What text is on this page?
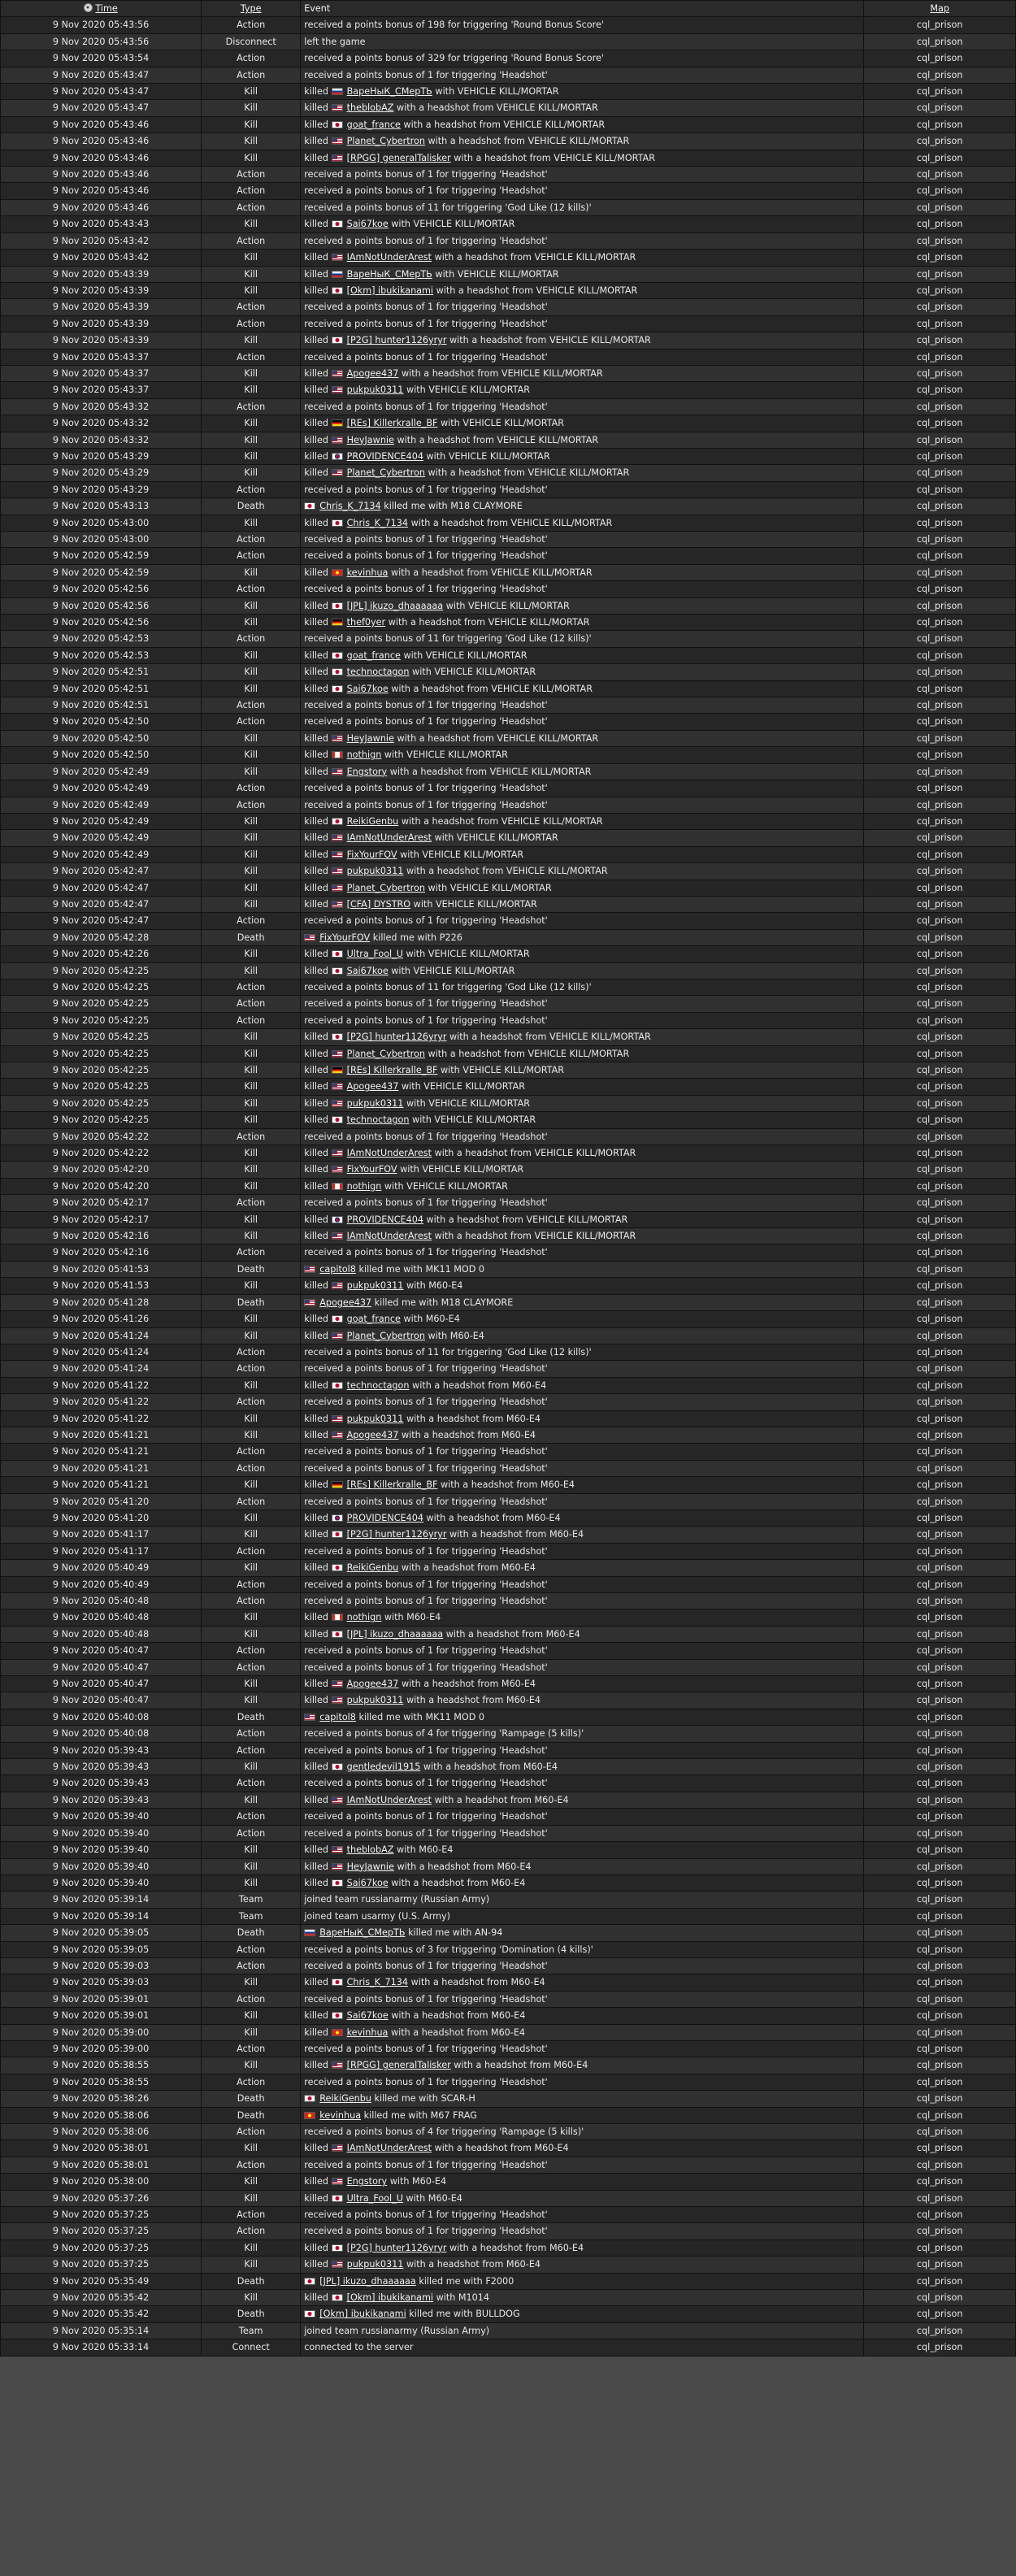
Time	Type	Event	Map
9 Nov 2020 05:43:56	Action	received a points bonus of 198 for triggering 'Round Bonus Score'	cql_prison
9 Nov 2020 05:43:56	Disconnect	left the game	cql_prison
9 Nov 2020 05:43:54	Action	received a points bonus of 329 for triggering 'Round Bonus Score'	cql_prison
9 Nov 2020 05:43:47	Action	received a points bonus of 1 for triggering 'Headshot'	cql_prison
9 Nov 2020 05:43:47	Kill	killed ВареНыК_СМерТЬ with VEHICLE KILL/MORTAR	cql_prison
9 Nov 2020 05:43:47	Kill	killed theblobAZ with a headshot from VEHICLE KILL/MORTAR	cql_prison
9 Nov 2020 05:43:46	Kill	killed goat_france with a headshot from VEHICLE KILL/MORTAR	cql_prison
9 Nov 2020 05:43:46	Kill	killed Planet_Cybertron with a headshot from VEHICLE KILL/MORTAR	cql_prison
9 Nov 2020 05:43:46	Kill	killed [RPGG] generalTalisker with a headshot from VEHICLE KILL/MORTAR	cql_prison
9 Nov 2020 05:43:46	Action	received a points bonus of 1 for triggering 'Headshot'	cql_prison
9 Nov 2020 05:43:46	Action	received a points bonus of 1 for triggering 'Headshot'	cql_prison
9 Nov 2020 05:43:46	Action	received a points bonus of 11 for triggering 'God Like (12 kills)'	cql_prison
9 Nov 2020 05:43:43	Kill	killed Sai67koe with VEHICLE KILL/MORTAR	cql_prison
9 Nov 2020 05:43:42	Action	received a points bonus of 1 for triggering 'Headshot'	cql_prison
9 Nov 2020 05:43:42	Kill	killed IAmNotUnderArest with a headshot from VEHICLE KILL/MORTAR	cql_prison
9 Nov 2020 05:43:39	Kill	killed ВареНыК_СМерТЬ with VEHICLE KILL/MORTAR	cql_prison
9 Nov 2020 05:43:39	Kill	killed [Okm] ibukikanami with a headshot from VEHICLE KILL/MORTAR	cql_prison
9 Nov 2020 05:43:39	Action	received a points bonus of 1 for triggering 'Headshot'	cql_prison
9 Nov 2020 05:43:39	Action	received a points bonus of 1 for triggering 'Headshot'	cql_prison
9 Nov 2020 05:43:39	Kill	killed [P2G] hunter1126yryr with a headshot from VEHICLE KILL/MORTAR	cql_prison
9 Nov 2020 05:43:37	Action	received a points bonus of 1 for triggering 'Headshot'	cql_prison
9 Nov 2020 05:43:37	Kill	killed Apogee437 with a headshot from VEHICLE KILL/MORTAR	cql_prison
9 Nov 2020 05:43:37	Kill	killed pukpuk0311 with VEHICLE KILL/MORTAR	cql_prison
9 Nov 2020 05:43:32	Action	received a points bonus of 1 for triggering 'Headshot'	cql_prison
9 Nov 2020 05:43:32	Kill	killed [REs] Killerkralle_BF with VEHICLE KILL/MORTAR	cql_prison
9 Nov 2020 05:43:32	Kill	killed HeyJawnie with a headshot from VEHICLE KILL/MORTAR	cql_prison
9 Nov 2020 05:43:29	Kill	killed PROVIDENCE404 with VEHICLE KILL/MORTAR	cql_prison
9 Nov 2020 05:43:29	Kill	killed Planet_Cybertron with a headshot from VEHICLE KILL/MORTAR	cql_prison
9 Nov 2020 05:43:29	Action	received a points bonus of 1 for triggering 'Headshot'	cql_prison
9 Nov 2020 05:43:13	Death	Chris_K_7134 killed me with M18 CLAYMORE	cql_prison
9 Nov 2020 05:43:00	Kill	killed Chris_K_7134 with a headshot from VEHICLE KILL/MORTAR	cql_prison
9 Nov 2020 05:43:00	Action	received a points bonus of 1 for triggering 'Headshot'	cql_prison
9 Nov 2020 05:42:59	Action	received a points bonus of 1 for triggering 'Headshot'	cql_prison
9 Nov 2020 05:42:59	Kill	killed kevinhua with a headshot from VEHICLE KILL/MORTAR	cql_prison
9 Nov 2020 05:42:56	Action	received a points bonus of 1 for triggering 'Headshot'	cql_prison
9 Nov 2020 05:42:56	Kill	killed [JPL] ikuzo_dhaaaaaa with VEHICLE KILL/MORTAR	cql_prison
9 Nov 2020 05:42:56	Kill	killed thef0yer with a headshot from VEHICLE KILL/MORTAR	cql_prison
9 Nov 2020 05:42:53	Action	received a points bonus of 11 for triggering 'God Like (12 kills)'	cql_prison
9 Nov 2020 05:42:53	Kill	killed goat_france with VEHICLE KILL/MORTAR	cql_prison
9 Nov 2020 05:42:51	Kill	killed technoctagon with VEHICLE KILL/MORTAR	cql_prison
9 Nov 2020 05:42:51	Kill	killed Sai67koe with a headshot from VEHICLE KILL/MORTAR	cql_prison
9 Nov 2020 05:42:51	Action	received a points bonus of 1 for triggering 'Headshot'	cql_prison
9 Nov 2020 05:42:50	Action	received a points bonus of 1 for triggering 'Headshot'	cql_prison
9 Nov 2020 05:42:50	Kill	killed HeyJawnie with a headshot from VEHICLE KILL/MORTAR	cql_prison
9 Nov 2020 05:42:50	Kill	killed nothign with VEHICLE KILL/MORTAR	cql_prison
9 Nov 2020 05:42:49	Kill	killed Engstory with a headshot from VEHICLE KILL/MORTAR	cql_prison
9 Nov 2020 05:42:49	Action	received a points bonus of 1 for triggering 'Headshot'	cql_prison
9 Nov 2020 05:42:49	Action	received a points bonus of 1 for triggering 'Headshot'	cql_prison
9 Nov 2020 05:42:49	Kill	killed ReikiGenbu with a headshot from VEHICLE KILL/MORTAR	cql_prison
9 Nov 2020 05:42:49	Kill	killed IAmNotUnderArest with VEHICLE KILL/MORTAR	cql_prison
9 Nov 2020 05:42:49	Kill	killed FixYourFOV with VEHICLE KILL/MORTAR	cql_prison
9 Nov 2020 05:42:47	Kill	killed pukpuk0311 with a headshot from VEHICLE KILL/MORTAR	cql_prison
9 Nov 2020 05:42:47	Kill	killed Planet_Cybertron with VEHICLE KILL/MORTAR	cql_prison
9 Nov 2020 05:42:47	Kill	killed [CFA] DYSTRO with VEHICLE KILL/MORTAR	cql_prison
9 Nov 2020 05:42:47	Action	received a points bonus of 1 for triggering 'Headshot'	cql_prison
9 Nov 2020 05:42:28	Death	FixYourFOV killed me with P226	cql_prison
9 Nov 2020 05:42:26	Kill	killed Ultra_Fool_U with VEHICLE KILL/MORTAR	cql_prison
9 Nov 2020 05:42:25	Kill	killed Sai67koe with VEHICLE KILL/MORTAR	cql_prison
9 Nov 2020 05:42:25	Action	received a points bonus of 11 for triggering 'God Like (12 kills)'	cql_prison
9 Nov 2020 05:42:25	Action	received a points bonus of 1 for triggering 'Headshot'	cql_prison
9 Nov 2020 05:42:25	Action	received a points bonus of 1 for triggering 'Headshot'	cql_prison
9 Nov 2020 05:42:25	Kill	killed [P2G] hunter1126yryr with a headshot from VEHICLE KILL/MORTAR	cql_prison
9 Nov 2020 05:42:25	Kill	killed Planet_Cybertron with a headshot from VEHICLE KILL/MORTAR	cql_prison
9 Nov 2020 05:42:25	Kill	killed [REs] Killerkralle_BF with VEHICLE KILL/MORTAR	cql_prison
9 Nov 2020 05:42:25	Kill	killed Apogee437 with VEHICLE KILL/MORTAR	cql_prison
9 Nov 2020 05:42:25	Kill	killed pukpuk0311 with VEHICLE KILL/MORTAR	cql_prison
9 Nov 2020 05:42:25	Kill	killed technoctagon with VEHICLE KILL/MORTAR	cql_prison
9 Nov 2020 05:42:22	Action	received a points bonus of 1 for triggering 'Headshot'	cql_prison
9 Nov 2020 05:42:22	Kill	killed IAmNotUnderArest with a headshot from VEHICLE KILL/MORTAR	cql_prison
9 Nov 2020 05:42:20	Kill	killed FixYourFOV with VEHICLE KILL/MORTAR	cql_prison
9 Nov 2020 05:42:20	Kill	killed nothign with VEHICLE KILL/MORTAR	cql_prison
9 Nov 2020 05:42:17	Action	received a points bonus of 1 for triggering 'Headshot'	cql_prison
9 Nov 2020 05:42:17	Kill	killed PROVIDENCE404 with a headshot from VEHICLE KILL/MORTAR	cql_prison
9 Nov 2020 05:42:16	Kill	killed IAmNotUnderArest with a headshot from VEHICLE KILL/MORTAR	cql_prison
9 Nov 2020 05:42:16	Action	received a points bonus of 1 for triggering 'Headshot'	cql_prison
9 Nov 2020 05:41:53	Death	capitol8 killed me with MK11 MOD 0	cql_prison
9 Nov 2020 05:41:53	Kill	killed pukpuk0311 with M60-E4	cql_prison
9 Nov 2020 05:41:28	Death	Apogee437 killed me with M18 CLAYMORE	cql_prison
9 Nov 2020 05:41:26	Kill	killed goat_france with M60-E4	cql_prison
9 Nov 2020 05:41:24	Kill	killed Planet_Cybertron with M60-E4	cql_prison
9 Nov 2020 05:41:24	Action	received a points bonus of 11 for triggering 'God Like (12 kills)'	cql_prison
9 Nov 2020 05:41:24	Action	received a points bonus of 1 for triggering 'Headshot'	cql_prison
9 Nov 2020 05:41:22	Kill	killed technoctagon with a headshot from M60-E4	cql_prison
9 Nov 2020 05:41:22	Action	received a points bonus of 1 for triggering 'Headshot'	cql_prison
9 Nov 2020 05:41:22	Kill	killed pukpuk0311 with a headshot from M60-E4	cql_prison
9 Nov 2020 05:41:21	Kill	killed Apogee437 with a headshot from M60-E4	cql_prison
9 Nov 2020 05:41:21	Action	received a points bonus of 1 for triggering 'Headshot'	cql_prison
9 Nov 2020 05:41:21	Action	received a points bonus of 1 for triggering 'Headshot'	cql_prison
9 Nov 2020 05:41:21	Kill	killed [REs] Killerkralle_BF with a headshot from M60-E4	cql_prison
9 Nov 2020 05:41:20	Action	received a points bonus of 1 for triggering 'Headshot'	cql_prison
9 Nov 2020 05:41:20	Kill	killed PROVIDENCE404 with a headshot from M60-E4	cql_prison
9 Nov 2020 05:41:17	Kill	killed [P2G] hunter1126yryr with a headshot from M60-E4	cql_prison
9 Nov 2020 05:41:17	Action	received a points bonus of 1 for triggering 'Headshot'	cql_prison
9 Nov 2020 05:40:49	Kill	killed ReikiGenbu with a headshot from M60-E4	cql_prison
9 Nov 2020 05:40:49	Action	received a points bonus of 1 for triggering 'Headshot'	cql_prison
9 Nov 2020 05:40:48	Action	received a points bonus of 1 for triggering 'Headshot'	cql_prison
9 Nov 2020 05:40:48	Kill	killed nothign with M60-E4	cql_prison
9 Nov 2020 05:40:48	Kill	killed [JPL] ikuzo_dhaaaaaa with a headshot from M60-E4	cql_prison
9 Nov 2020 05:40:47	Action	received a points bonus of 1 for triggering 'Headshot'	cql_prison
9 Nov 2020 05:40:47	Action	received a points bonus of 1 for triggering 'Headshot'	cql_prison
9 Nov 2020 05:40:47	Kill	killed Apogee437 with a headshot from M60-E4	cql_prison
9 Nov 2020 05:40:47	Kill	killed pukpuk0311 with a headshot from M60-E4	cql_prison
9 Nov 2020 05:40:08	Death	capitol8 killed me with MK11 MOD 0	cql_prison
9 Nov 2020 05:40:08	Action	received a points bonus of 4 for triggering 'Rampage (5 kills)'	cql_prison
9 Nov 2020 05:39:43	Action	received a points bonus of 1 for triggering 'Headshot'	cql_prison
9 Nov 2020 05:39:43	Kill	killed gentledevil1915 with a headshot from M60-E4	cql_prison
9 Nov 2020 05:39:43	Action	received a points bonus of 1 for triggering 'Headshot'	cql_prison
9 Nov 2020 05:39:43	Kill	killed IAmNotUnderArest with a headshot from M60-E4	cql_prison
9 Nov 2020 05:39:40	Action	received a points bonus of 1 for triggering 'Headshot'	cql_prison
9 Nov 2020 05:39:40	Action	received a points bonus of 1 for triggering 'Headshot'	cql_prison
9 Nov 2020 05:39:40	Kill	killed theblobAZ with M60-E4	cql_prison
9 Nov 2020 05:39:40	Kill	killed HeyJawnie with a headshot from M60-E4	cql_prison
9 Nov 2020 05:39:40	Kill	killed Sai67koe with a headshot from M60-E4	cql_prison
9 Nov 2020 05:39:14	Team	joined team russianarmy (Russian Army)	cql_prison
9 Nov 2020 05:39:14	Team	joined team usarmy (U.S. Army)	cql_prison
9 Nov 2020 05:39:05	Death	ВареНыК_СМерТЬ killed me with AN-94	cql_prison
9 Nov 2020 05:39:05	Action	received a points bonus of 3 for triggering 'Domination (4 kills)'	cql_prison
9 Nov 2020 05:39:03	Action	received a points bonus of 1 for triggering 'Headshot'	cql_prison
9 Nov 2020 05:39:03	Kill	killed Chris_K_7134 with a headshot from M60-E4	cql_prison
9 Nov 2020 05:39:01	Action	received a points bonus of 1 for triggering 'Headshot'	cql_prison
9 Nov 2020 05:39:01	Kill	killed Sai67koe with a headshot from M60-E4	cql_prison
9 Nov 2020 05:39:00	Kill	killed kevinhua with a headshot from M60-E4	cql_prison
9 Nov 2020 05:39:00	Action	received a points bonus of 1 for triggering 'Headshot'	cql_prison
9 Nov 2020 05:38:55	Kill	killed [RPGG] generalTalisker with a headshot from M60-E4	cql_prison
9 Nov 2020 05:38:55	Action	received a points bonus of 1 for triggering 'Headshot'	cql_prison
9 Nov 2020 05:38:26	Death	ReikiGenbu killed me with SCAR-H	cql_prison
9 Nov 2020 05:38:06	Death	kevinhua killed me with M67 FRAG	cql_prison
9 Nov 2020 05:38:06	Action	received a points bonus of 4 for triggering 'Rampage (5 kills)'	cql_prison
9 Nov 2020 05:38:01	Kill	killed IAmNotUnderArest with a headshot from M60-E4	cql_prison
9 Nov 2020 05:38:01	Action	received a points bonus of 1 for triggering 'Headshot'	cql_prison
9 Nov 2020 05:38:00	Kill	killed Engstory with M60-E4	cql_prison
9 Nov 2020 05:37:26	Kill	killed Ultra_Fool_U with M60-E4	cql_prison
9 Nov 2020 05:37:25	Action	received a points bonus of 1 for triggering 'Headshot'	cql_prison
9 Nov 2020 05:37:25	Action	received a points bonus of 1 for triggering 'Headshot'	cql_prison
9 Nov 2020 05:37:25	Kill	killed [P2G] hunter1126yryr with a headshot from M60-E4	cql_prison
9 Nov 2020 05:37:25	Kill	killed pukpuk0311 with a headshot from M60-E4	cql_prison
9 Nov 2020 05:35:49	Death	[JPL] ikuzo_dhaaaaaa killed me with F2000	cql_prison
9 Nov 2020 05:35:42	Kill	killed [Okm] ibukikanami with M1014	cql_prison
9 Nov 2020 05:35:42	Death	[Okm] ibukikanami killed me with BULLDOG	cql_prison
9 Nov 2020 05:35:14	Team	joined team russianarmy (Russian Army)	cql_prison
9 Nov 2020 05:33:14	Connect	connected to the server	cql_prison
